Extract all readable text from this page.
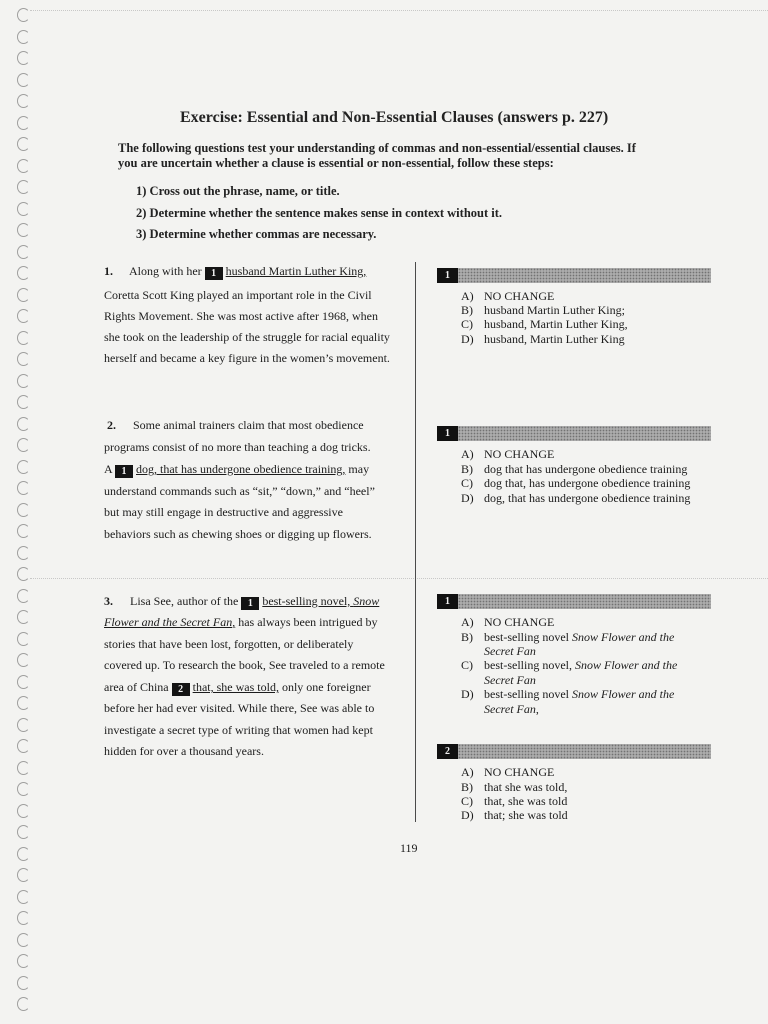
Exercise: Essential and Non-Essential Clauses (answers p. 227)
The following questions test your understanding of commas and non-essential/essential clauses. If
you are uncertain whether a clause is essential or non-essential, follow these steps:
1) Cross out the phrase, name, or title.
2) Determine whether the sentence makes sense in context without it.
3) Determine whether commas are necessary.
1. Along with her 1 husband Martin Luther King,
Coretta Scott King played an important role in the Civil
Rights Movement. She was most active after 1968, when
she took on the leadership of the struggle for racial equality
herself and became a key figure in the women’s movement.
1
A) NO CHANGE
B) husband Martin Luther King;
C) husband, Martin Luther King,
D) husband, Martin Luther King
2. Some animal trainers claim that most obedience
programs consist of no more than teaching a dog tricks.
A 1 dog, that has undergone obedience training, may
understand commands such as “sit,” “down,” and “heel”
but may still engage in destructive and aggressive
behaviors such as chewing shoes or digging up flowers.
1
A) NO CHANGE
B) dog that has undergone obedience training
C) dog that, has undergone obedience training
D) dog, that has undergone obedience training
3. Lisa See, author of the 1 best-selling novel, Snow
Flower and the Secret Fan, has always been intrigued by
stories that have been lost, forgotten, or deliberately
covered up. To research the book, See traveled to a remote
area of China 2 that, she was told, only one foreigner
before her had ever visited. While there, See was able to
investigate a secret type of writing that women had kept
hidden for over a thousand years.
1
A) NO CHANGE
B) best-selling novel Snow Flower and the
Secret Fan
C) best-selling novel, Snow Flower and the
Secret Fan
D) best-selling novel Snow Flower and the
Secret Fan,
2
A) NO CHANGE
B) that she was told,
C) that, she was told
D) that; she was told
119
